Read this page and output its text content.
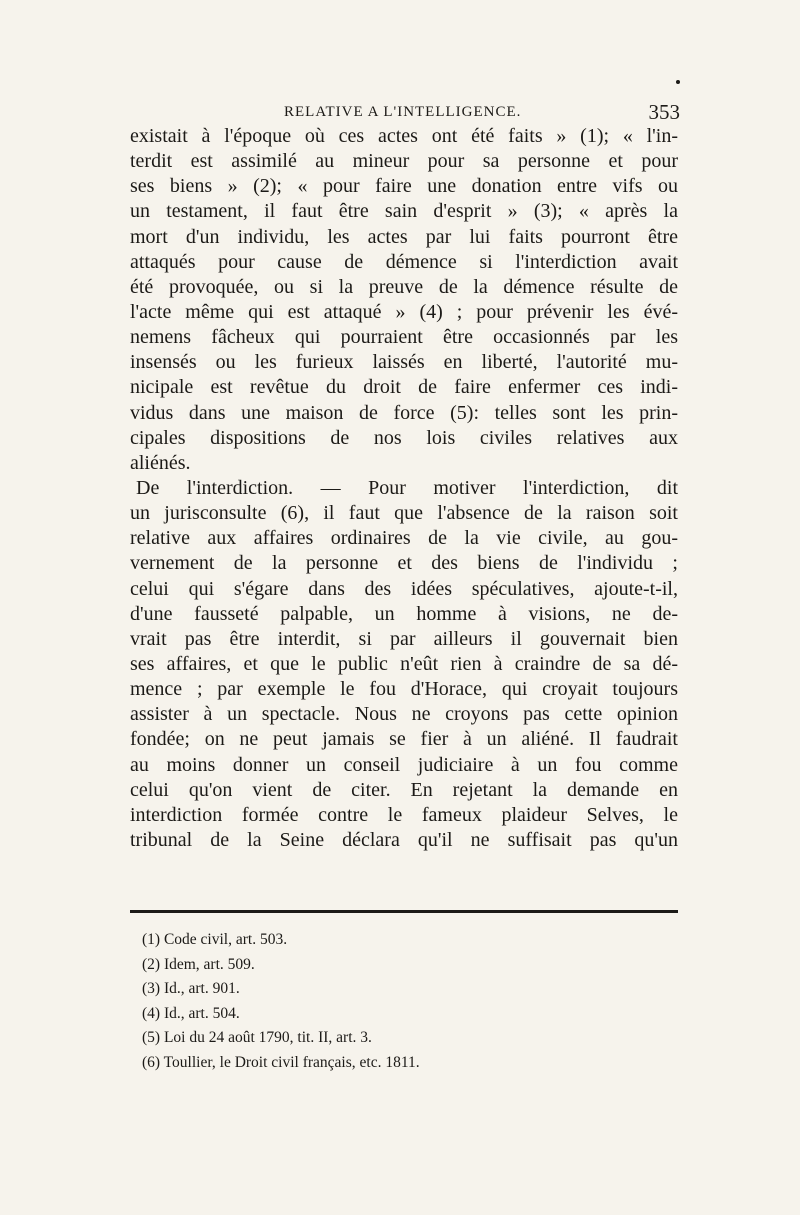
RELATIVE A L'INTELLIGENCE.	353
existait à l'époque où ces actes ont été faits » (1); « l'in-
terdit est assimilé au mineur pour sa personne et pour
ses biens » (2); « pour faire une donation entre vifs ou
un testament, il faut être sain d'esprit » (3); « après la
mort d'un individu, les actes par lui faits pourront être
attaqués pour cause de démence si l'interdiction avait
été provoquée, ou si la preuve de la démence résulte de
l'acte même qui est attaqué » (4) ; pour prévenir les évé-
nemens fâcheux qui pourraient être occasionnés par les
insensés ou les furieux laissés en liberté, l'autorité mu-
nicipale est revêtue du droit de faire enfermer ces indi-
vidus dans une maison de force (5): telles sont les prin-
cipales dispositions de nos lois civiles relatives aux
aliénés.
De l'interdiction. — Pour motiver l'interdiction, dit
un jurisconsulte (6), il faut que l'absence de la raison soit
relative aux affaires ordinaires de la vie civile, au gou-
vernement de la personne et des biens de l'individu ;
celui qui s'égare dans des idées spéculatives, ajoute-t-il,
d'une fausseté palpable, un homme à visions, ne de-
vrait pas être interdit, si par ailleurs il gouvernait bien
ses affaires, et que le public n'eût rien à craindre de sa dé-
mence ; par exemple le fou d'Horace, qui croyait toujours
assister à un spectacle. Nous ne croyons pas cette opinion
fondée; on ne peut jamais se fier à un aliéné. Il faudrait
au moins donner un conseil judiciaire à un fou comme
celui qu'on vient de citer. En rejetant la demande en
interdiction formée contre le fameux plaideur Selves, le
tribunal de la Seine déclara qu'il ne suffisait pas qu'un
(1) Code civil, art. 503.
(2) Idem, art. 509.
(3) Id., art. 901.
(4) Id., art. 504.
(5) Loi du 24 août 1790, tit. II, art. 3.
(6) Toullier, le Droit civil français, etc. 1811.
